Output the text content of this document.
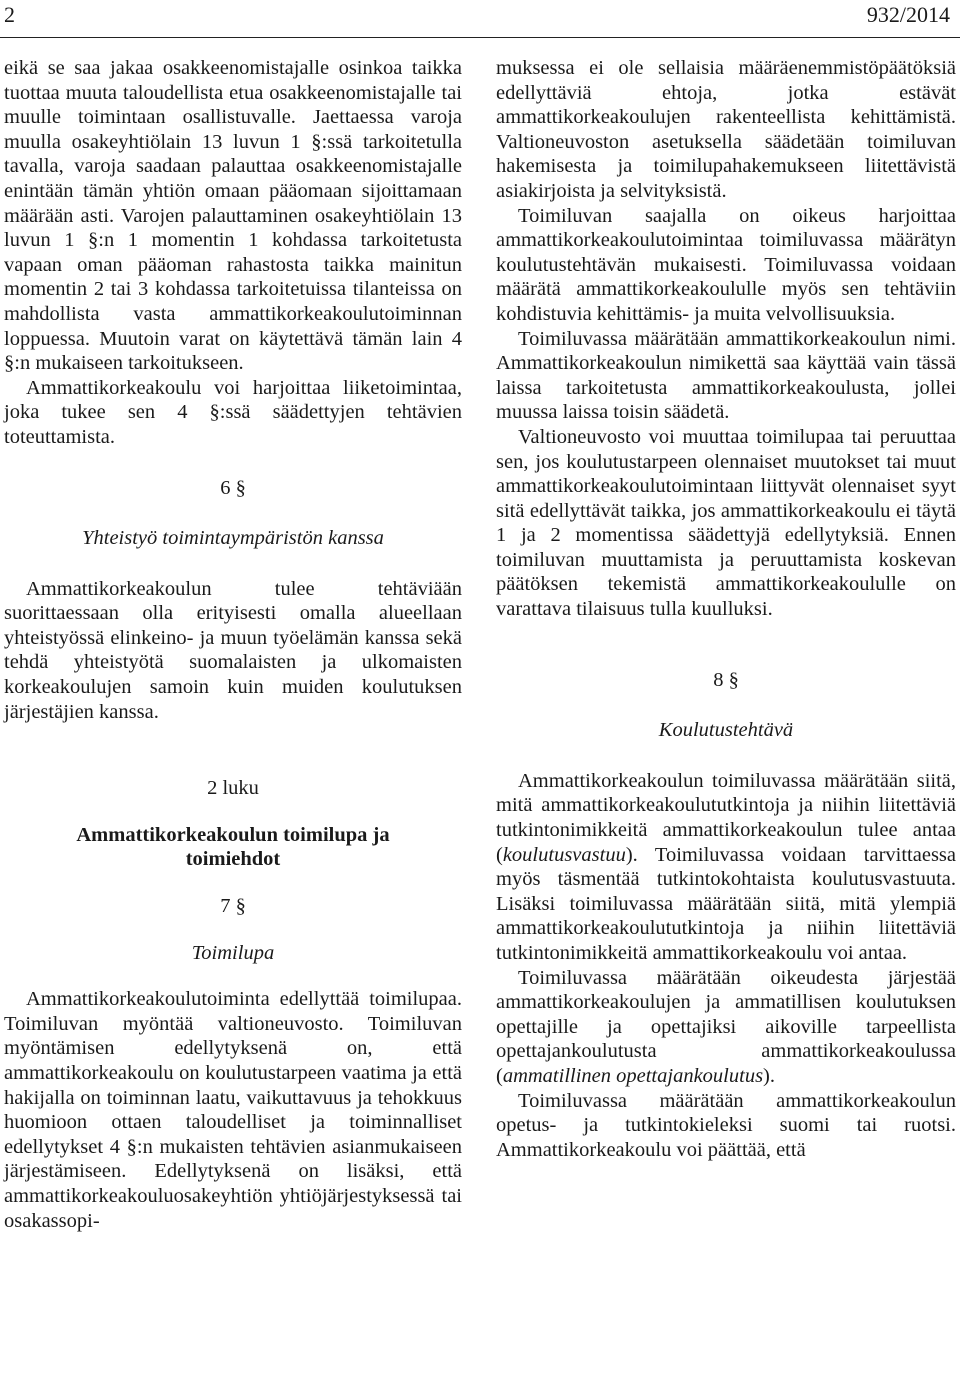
2	932/2014

eikä se saa jakaa osakkeenomistajalle osinkoa taikka tuottaa muuta taloudellista etua osakkeenomistajalle tai muulle toimintaan osallistuvalle. Jaettaessa varoja muulla osakeyhtiölain 13 luvun 1 §:ssä tarkoitetulla tavalla, varoja saadaan palauttaa osakkeenomistajalle enintään tämän yhtiön omaan pääomaan sijoittamaan määrään asti. Varojen palauttaminen osakeyhtiölain 13 luvun 1 §:n 1 momentin 1 kohdassa tarkoitetusta vapaan oman pääoman rahastosta taikka mainitun momentin 2 tai 3 kohdassa tarkoitetuissa tilanteissa on mahdollista vasta ammattikorkeakoulutoiminnan loppuessa. Muutoin varat on käytettävä tämän lain 4 §:n mukaiseen tarkoitukseen.

Ammattikorkeakoulu voi harjoittaa liiketoimintaa, joka tukee sen 4 §:ssä säädettyjen tehtävien toteuttamista.

6 §

Yhteistyö toimintaympäristön kanssa

Ammattikorkeakoulun tulee tehtäviään suorittaessaan olla erityisesti omalla alueellaan yhteistyössä elinkeino- ja muun työelämän kanssa sekä tehdä yhteistyötä suomalaisten ja ulkomaisten korkeakoulujen samoin kuin muiden koulutuksen järjestäjien kanssa.

2 luku

Ammattikorkeakoulun toimilupa ja
toimiehdot

7 §

Toimilupa

Ammattikorkeakoulutoiminta edellyttää toimilupaa. Toimiluvan myöntää valtioneuvosto. Toimiluvan myöntämisen edellytyksenä on, että ammattikorkeakoulu on koulutustarpeen vaatima ja että hakijalla on toiminnan laatu, vaikuttavuus ja tehokkuus huomioon ottaen taloudelliset ja toiminnalliset edellytykset 4 §:n mukaisten tehtävien asianmukaiseen järjestämiseen. Edellytyksenä on lisäksi, että ammattikorkeakouluosakeyhtiön yhtiöjärjestyksessä tai osakassopi-

muksessa ei ole sellaisia määräenemmistöpäätöksiä edellyttäviä ehtoja, jotka estävät ammattikorkeakoulujen rakenteellista kehittämistä. Valtioneuvoston asetuksella säädetään toimiluvan hakemisesta ja toimilupahakemukseen liitettävistä asiakirjoista ja selvityksistä.

Toimiluvan saajalla on oikeus harjoittaa ammattikorkeakoulutoimintaa toimiluvassa määrätyn koulutustehtävän mukaisesti. Toimiluvassa voidaan määrätä ammattikorkeakoululle myös sen tehtäviin kohdistuvia kehittämis- ja muita velvollisuuksia.

Toimiluvassa määrätään ammattikorkeakoulun nimi. Ammattikorkeakoulun nimikettä saa käyttää vain tässä laissa tarkoitetusta ammattikorkeakoulusta, jollei muussa laissa toisin säädetä.

Valtioneuvosto voi muuttaa toimilupaa tai peruuttaa sen, jos koulutustarpeen olennaiset muutokset tai muut ammattikorkeakoulutoimintaan liittyvät olennaiset syyt sitä edellyttävät taikka, jos ammattikorkeakoulu ei täytä 1 ja 2 momentissa säädettyjä edellytyksiä. Ennen toimiluvan muuttamista ja peruuttamista koskevan päätöksen tekemistä ammattikorkeakoululle on varattava tilaisuus tulla kuulluksi.

8 §

Koulutustehtävä

Ammattikorkeakoulun toimiluvassa määrätään siitä, mitä ammattikorkeakoulututkintoja ja niihin liitettäviä tutkintonimikkeitä ammattikorkeakoulun tulee antaa (koulutusvastuu). Toimiluvassa voidaan tarvittaessa myös täsmentää tutkintokohtaista koulutusvastuuta. Lisäksi toimiluvassa määrätään siitä, mitä ylempiä ammattikorkeakoulututkintoja ja niihin liitettäviä tutkintonimikkeitä ammattikorkeakoulu voi antaa.

Toimiluvassa määrätään oikeudesta järjestää ammattikorkeakoulujen ja ammatillisen koulutuksen opettajille ja opettajiksi aikoville tarpeellista opettajankoulutusta ammattikorkeakoulussa (ammatillinen opettajankoulutus).

Toimiluvassa määrätään ammattikorkeakoulun opetus- ja tutkintokieleksi suomi tai ruotsi. Ammattikorkeakoulu voi päättää, että
